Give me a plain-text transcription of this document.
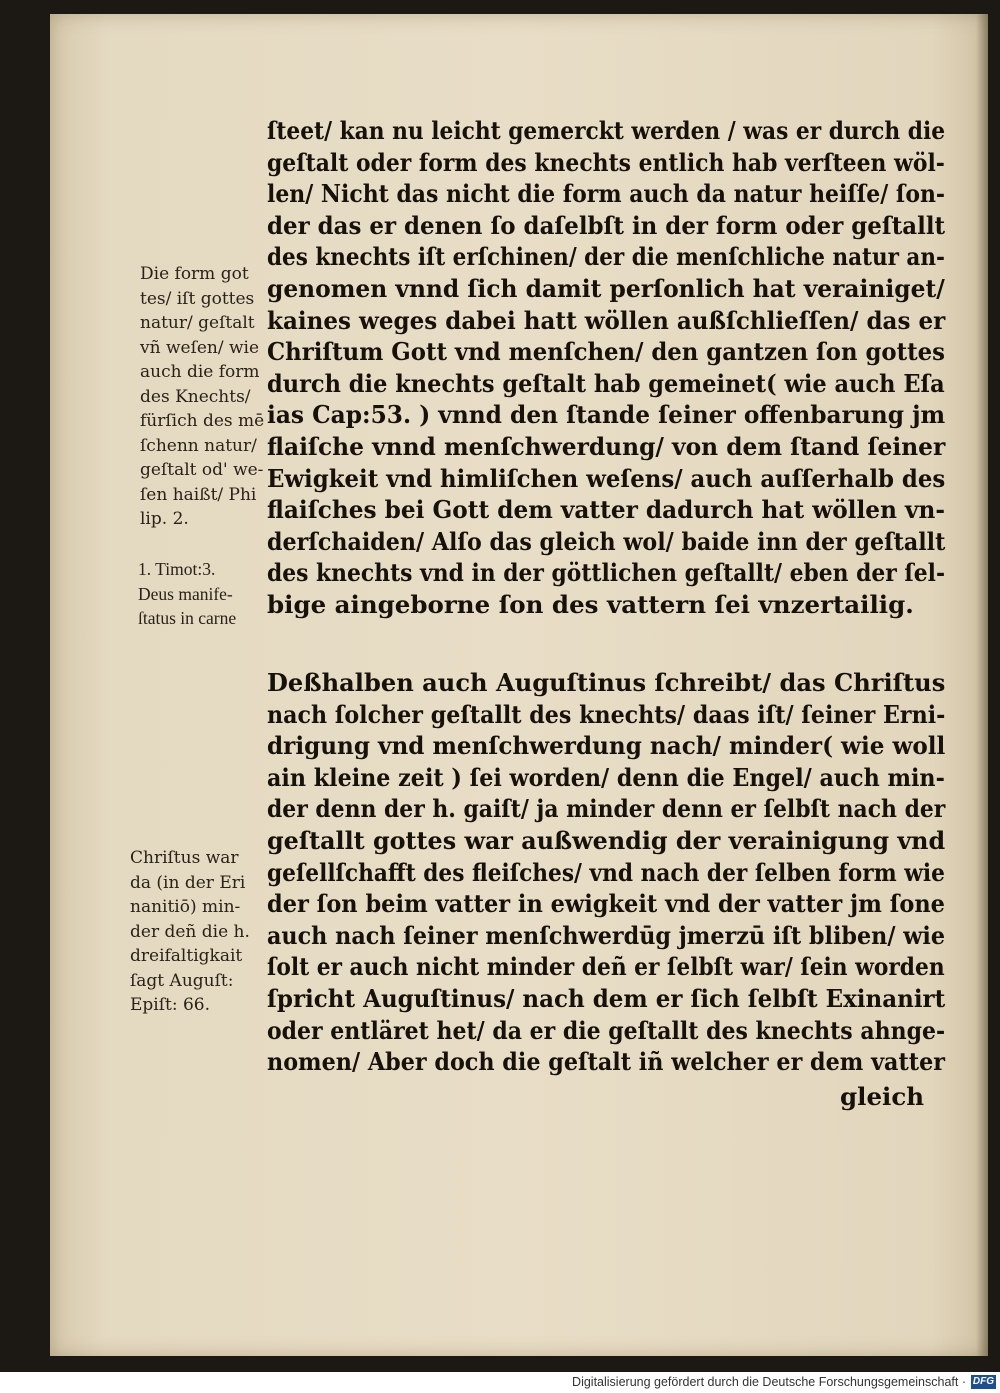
ſteet/ kan nu leicht gemerckt werden / was er durch die
geſtalt oder form des knechts entlich hab verſteen wöl-
len/ Nicht das nicht die form auch da natur heiſſe/ ſon-
der das er denen ſo daſelbſt in der form oder geſtallt
des knechts iſt erſchinen/ der die menſchliche natur an-
genomen vnnd ſich damit perſonlich hat verainiget/
kaines weges dabei hatt wöllen außſchlieſſen/ das er
Chriſtum Gott vnd menſchen/ den gantzen ſon gottes
durch die knechts geſtalt hab gemeinet( wie auch Eſa
ias Cap:53. ) vnnd den ſtande ſeiner offenbarung jm
flaiſche vnnd menſchwerdung/ von dem ſtand ſeiner
Ewigkeit vnd himliſchen weſens/ auch auſſerhalb des
flaiſches bei Gott dem vatter dadurch hat wöllen vn-
derſchaiden/ Alſo das gleich wol/ baide inn der geſtallt
des knechts vnd in der göttlichen geſtallt/ eben der ſel-
bige aingeborne ſon des vattern ſei vnzertailig.
Deßhalben auch Auguſtinus ſchreibt/ das Chriſtus
nach ſolcher geſtallt des knechts/ daas iſt/ ſeiner Erni-
drigung vnd menſchwerdung nach/ minder( wie woll
ain kleine zeit ) ſei worden/ denn die Engel/ auch min-
der denn der h. gaiſt/ ja minder denn er ſelbſt nach der
geſtallt gottes war außwendig der verainigung vnd
geſellſchafft des fleiſches/ vnd nach der ſelben form wie
der ſon beim vatter in ewigkeit vnd der vatter jm ſone
auch nach ſeiner menſchwerdūg jmerzū iſt bliben/ wie
ſolt er auch nicht minder deñ er ſelbſt war/ ſein worden
ſpricht Auguſtinus/ nach dem er ſich ſelbſt Exinanirt
oder entläret het/ da er die geſtallt des knechts ahnge-
nomen/ Aber doch die geſtalt iñ welcher er dem vatter
gleich
Die form got
tes/ iſt gottes
natur/ geſtalt
vñ weſen/ wie
auch die form
des Knechts/
fürſich des mē
ſchenn natur/
geſtalt od' we-
ſen haißt/ Phi
lip. 2.
1. Timot:3.
Deus manife-
ſtatus in carne
Chriſtus war
da (in der Eri
nanitiō) min-
der deñ die h.
dreifaltigkait
ſagt Auguſt:
Epiſt: 66.
Digitalisierung gefördert durch die Deutsche Forschungsgemeinschaft · DFG
